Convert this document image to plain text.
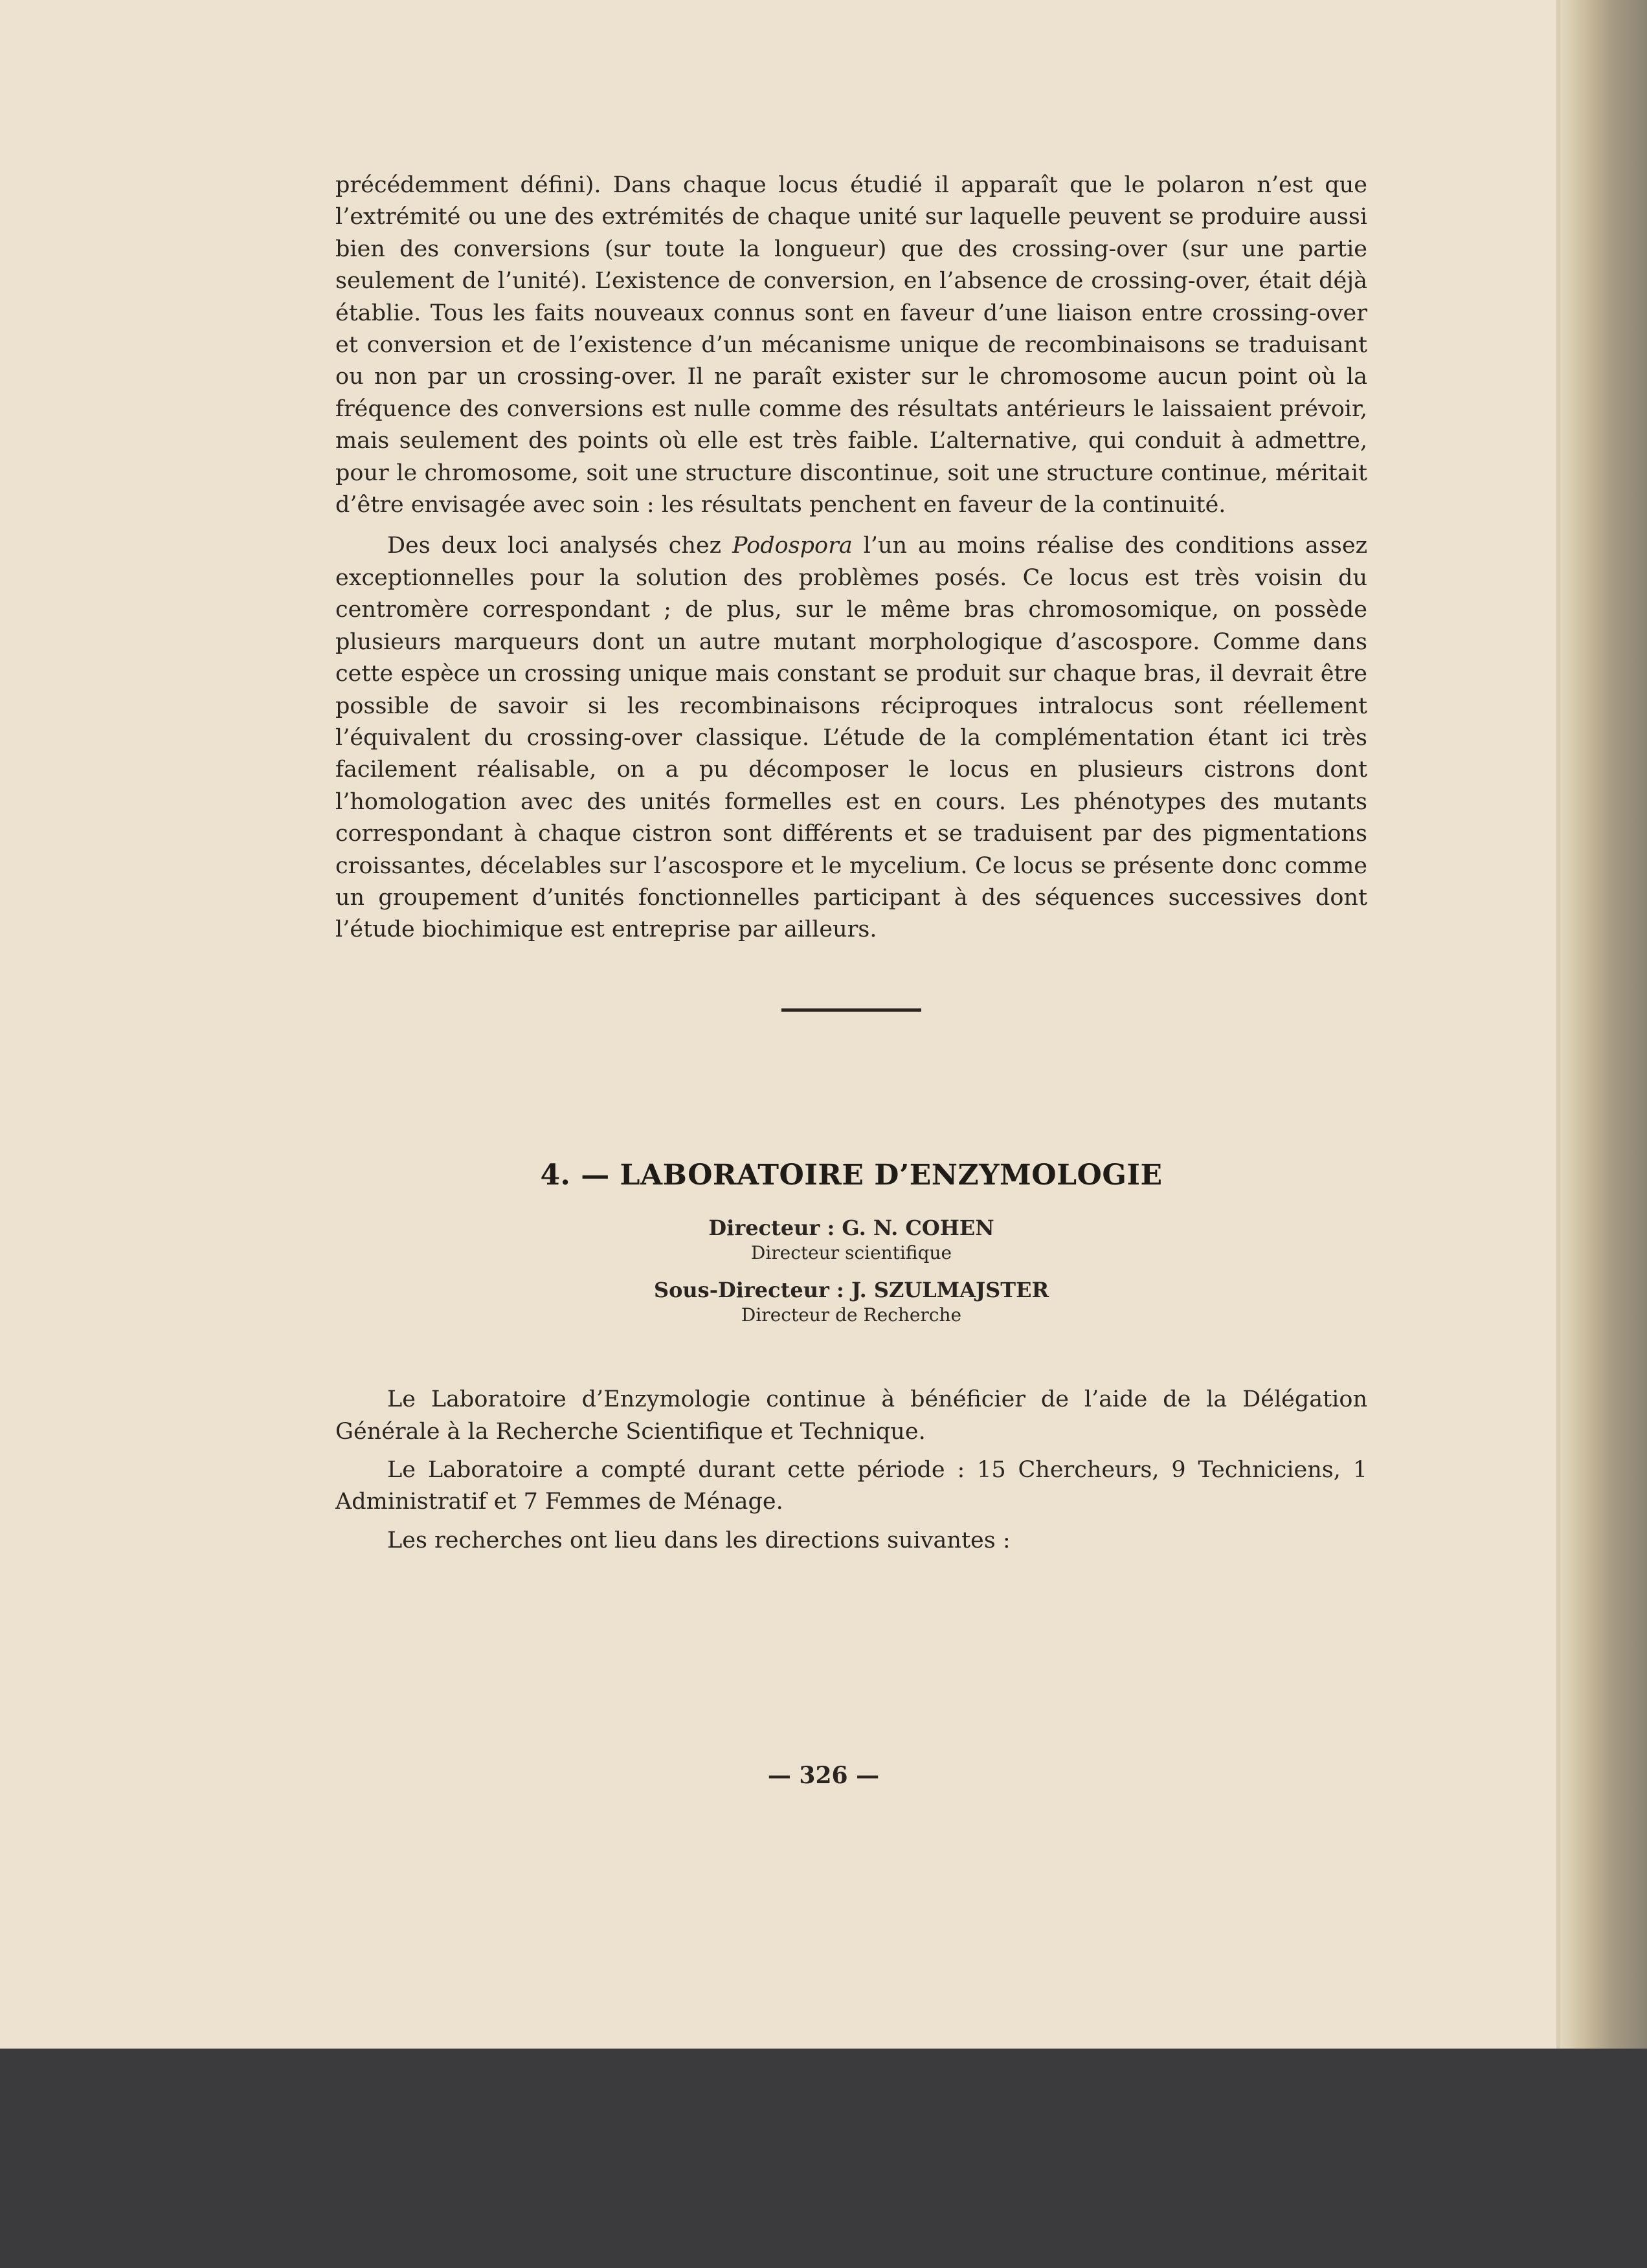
précédemment défini). Dans chaque locus étudié il apparaît que le polaron n’est que l’extrémité ou une des extrémités de chaque unité sur laquelle peuvent se produire aussi bien des conversions (sur toute la longueur) que des crossing-over (sur une partie seulement de l’unité). L’existence de conversion, en l’absence de crossing-over, était déjà établie. Tous les faits nouveaux connus sont en faveur d’une liaison entre crossing-over et conversion et de l’existence d’un mécanisme unique de recombinaisons se traduisant ou non par un crossing-over. Il ne paraît exister sur le chromosome aucun point où la fréquence des conversions est nulle comme des résultats antérieurs le laissaient prévoir, mais seulement des points où elle est très faible. L’alternative, qui conduit à admettre, pour le chromosome, soit une structure discontinue, soit une structure continue, méritait d’être envisagée avec soin : les résultats penchent en faveur de la continuité.

Des deux loci analysés chez Podospora l’un au moins réalise des conditions assez exceptionnelles pour la solution des problèmes posés. Ce locus est très voisin du centromère correspondant ; de plus, sur le même bras chromosomique, on possède plusieurs marqueurs dont un autre mutant morphologique d’ascospore. Comme dans cette espèce un crossing unique mais constant se produit sur chaque bras, il devrait être possible de savoir si les recombinaisons réciproques intralocus sont réellement l’équivalent du crossing-over classique. L’étude de la complémentation étant ici très facilement réalisable, on a pu décomposer le locus en plusieurs cistrons dont l’homologation avec des unités formelles est en cours. Les phénotypes des mutants correspondant à chaque cistron sont différents et se traduisent par des pigmentations croissantes, décelables sur l’ascospore et le mycelium. Ce locus se présente donc comme un groupement d’unités fonctionnelles participant à des séquences successives dont l’étude biochimique est entreprise par ailleurs.

4. — LABORATOIRE D’ENZYMOLOGIE
Directeur : G. N. COHEN
Directeur scientifique
Sous-Directeur : J. SZULMAJSTER
Directeur de Recherche

Le Laboratoire d’Enzymologie continue à bénéficier de l’aide de la Délégation Générale à la Recherche Scientifique et Technique.

Le Laboratoire a compté durant cette période : 15 Chercheurs, 9 Techniciens, 1 Administratif et 7 Femmes de Ménage.

Les recherches ont lieu dans les directions suivantes :

— 326 —
